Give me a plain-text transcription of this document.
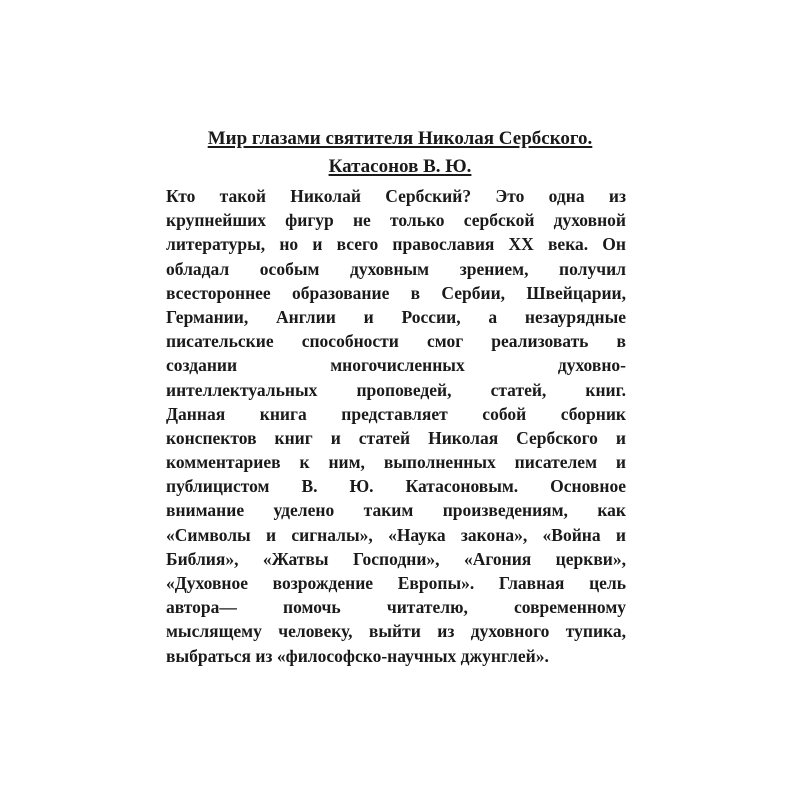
Мир глазами святителя Николая Сербского.
Катасонов В. Ю.
Кто такой Николай Сербский? Это одна из
крупнейших фигур не только сербской духовной
литературы, но и всего православия XX века. Он
обладал особым духовным зрением, получил
всестороннее образование в Сербии, Швейцарии,
Германии, Англии и России, а незаурядные
писательские способности смог реализовать в
создании многочисленных духовно-
интеллектуальных проповедей, статей, книг.
Данная книга представляет собой сборник
конспектов книг и статей Николая Сербского и
комментариев к ним, выполненных писателем и
публицистом В. Ю. Катасоновым. Основное
внимание уделено таким произведениям, как
«Символы и сигналы», «Наука закона», «Война и
Библия», «Жатвы Господни», «Агония церкви»,
«Духовное возрождение Европы». Главная цель
автора— помочь читателю, современному
мыслящему человеку, выйти из духовного тупика,
выбраться из «философско-научных джунглей».
